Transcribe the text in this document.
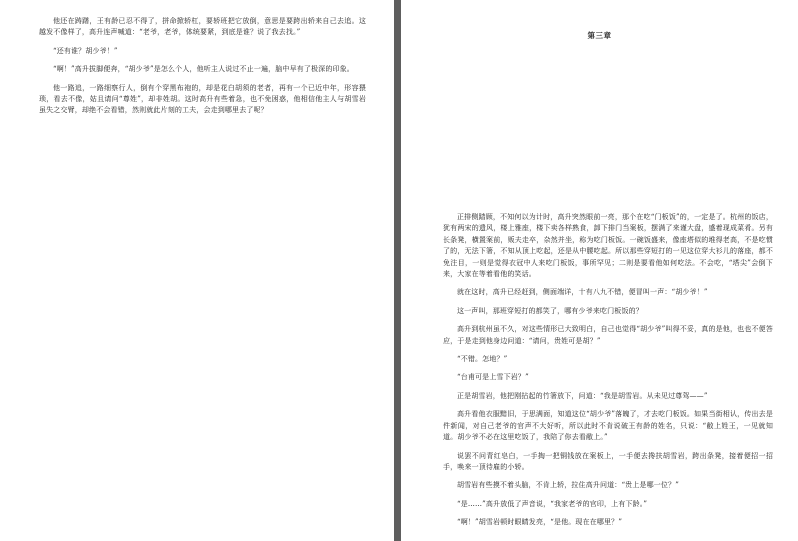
他还在踌躇，王有龄已忍不得了，拼命掀轿杠，要轿班把它放倒，意思是要跨出轿来自己去追。这越发不像样了，高升连声喊道：“老爷，老爷，体统要紧，到底是谁？说了我去找。”

“还有谁？胡少爷！”

“啊！”高升拔脚便奔，“胡少爷”是怎么个人，他听主人说过不止一遍，脑中早有了极深的印象。

他一路追，一路细察行人，倒有个穿黑布袍的，却是花白胡须的老者，再有一个已近中年，形容猥琐，看去不像，姑且请问“尊姓”，却非姓胡。这时高升有些着急，也不免困惑，他相信他主人与胡雪岩虽失之交臂，却绝不会看错，然则就此片刻的工夫，会走到哪里去了呢？

第三章

正排侧踏顾，不知何以为计时，高升突然眼前一亮，那个在吃“门板饭”的，一定是了。杭州的饭店，犹有两宋的遗风，楼上雅座，楼下卖各样熟食，卸下排门当案板，摆满了来谨大盘，盛着现成菜肴。另有长条凳，横置案前，贩夫走卒，杂然并坐，称为吃门板饭。一碗饭盛来，像座塔似的堆得老高，不是吃惯了的，无法下箸，不知从顶上吃起，还是从中腰吃起。所以那些穿短打的一见这位穿大衫儿的落座，都不免注目，一则是觉得衣冠中人来吃门板饭，事所罕见；二则是要看他如何吃法。不会吃，“塔尖”会倒下来，大家在等着看他的笑话。

就在这时，高升已经赶到，侧面端详，十有八九不错，便冒叫一声：“胡少爷！”

这一声叫，那班穿短打的都笑了，哪有少爷来吃门板饭的？

高升到杭州虽不久，对这些情形已大致明白，自己也觉得“胡少爷”叫得不妥，真的是他，也也不便答应，于是走到他身边问道：“请问，贵姓可是胡？”

“不错。怎地？”

“台甫可是上雪下岩？”

正是胡雪岩，他把刚拈起的竹箸放下，问道：“我是胡雪岩。从未见过尊驾——”

高升看他衣服黯旧，于思满面，知道这位“胡少爷”落魄了，才去吃门板饭。如果当街相认，传出去是件新闻，对自己老爷的官声不大好听，所以此时不肯说破王有龄的姓名，只说：“敝上姓王，一见就知道。胡少爷不必在这里吃饭了，我陪了你去看敝上。”

说罢不问青红皂白，一手掏一把铜钱放在案板上，一手便去搀扶胡雪岩，跨出条凳，接着便招一招手，唤来一顶待雇的小轿。

胡雪岩有些摸不着头脑，不肯上轿，拉住高升问道：“贵上是哪一位？”

“是……”高升放低了声音说，“我家老爷的官印，上有下龄。”

“啊！”胡雪岩顿时眼睛发亮，“是他。现在在哪里？”
